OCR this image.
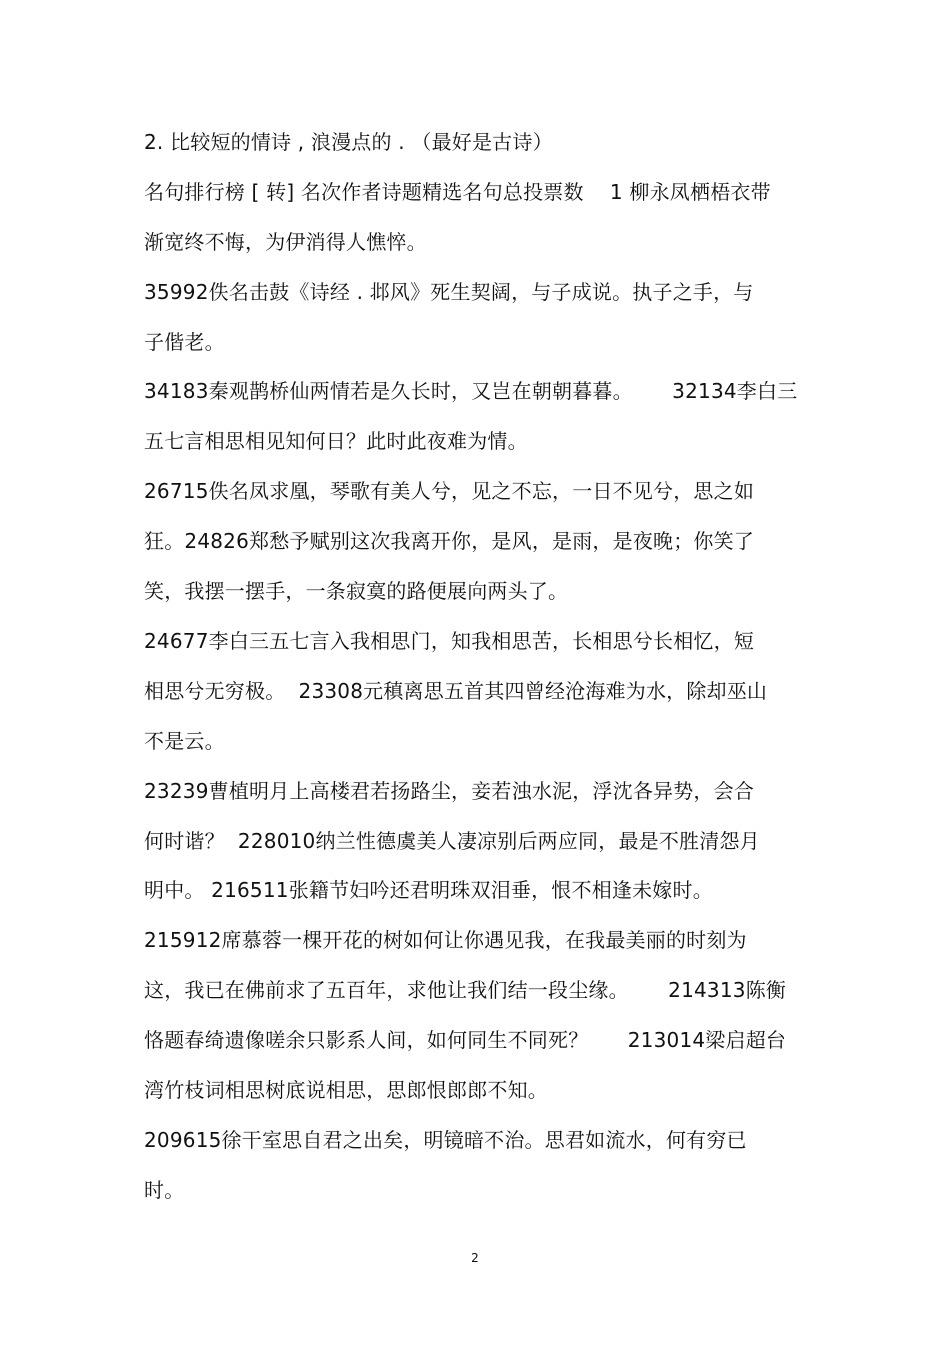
2. 比较短的情诗 , 浪漫点的 . （最好是古诗）
名句排行榜 [ 转] 名次作者诗题精选名句总投票数    1 柳永凤栖梧衣带
渐宽终不悔，为伊消得人憔悴。
35992佚名击鼓《诗经 . 邶风》死生契阔，与子成说。执子之手，与
子偕老。
34183秦观鹊桥仙两情若是久长时，又岂在朝朝暮暮。      32134李白三
五七言相思相见知何日？此时此夜难为情。
26715佚名凤求凰，琴歌有美人兮，见之不忘，一日不见兮，思之如
狂。24826郑愁予赋别这次我离开你，是风，是雨，是夜晚；你笑了
笑，我摆一摆手，一条寂寞的路便展向两头了。
24677李白三五七言入我相思门，知我相思苦，长相思兮长相忆，短
相思兮无穷极。  23308元稹离思五首其四曾经沧海难为水，除却巫山
不是云。
23239曹植明月上高楼君若扬路尘，妾若浊水泥，浮沈各异势，会合
何时谐？  228010纳兰性德虞美人凄凉别后两应同，最是不胜清怨月
明中。 216511张籍节妇吟还君明珠双泪垂，恨不相逢未嫁时。
215912席慕蓉一棵开花的树如何让你遇见我，在我最美丽的时刻为
这，我已在佛前求了五百年，求他让我们结一段尘缘。      214313陈衡
恪题春绮遗像嗟余只影系人间，如何同生不同死？      213014梁启超台
湾竹枝词相思树底说相思，思郎恨郎郎不知。
209615徐干室思自君之出矣，明镜暗不治。思君如流水，何有穷已
时。
2
